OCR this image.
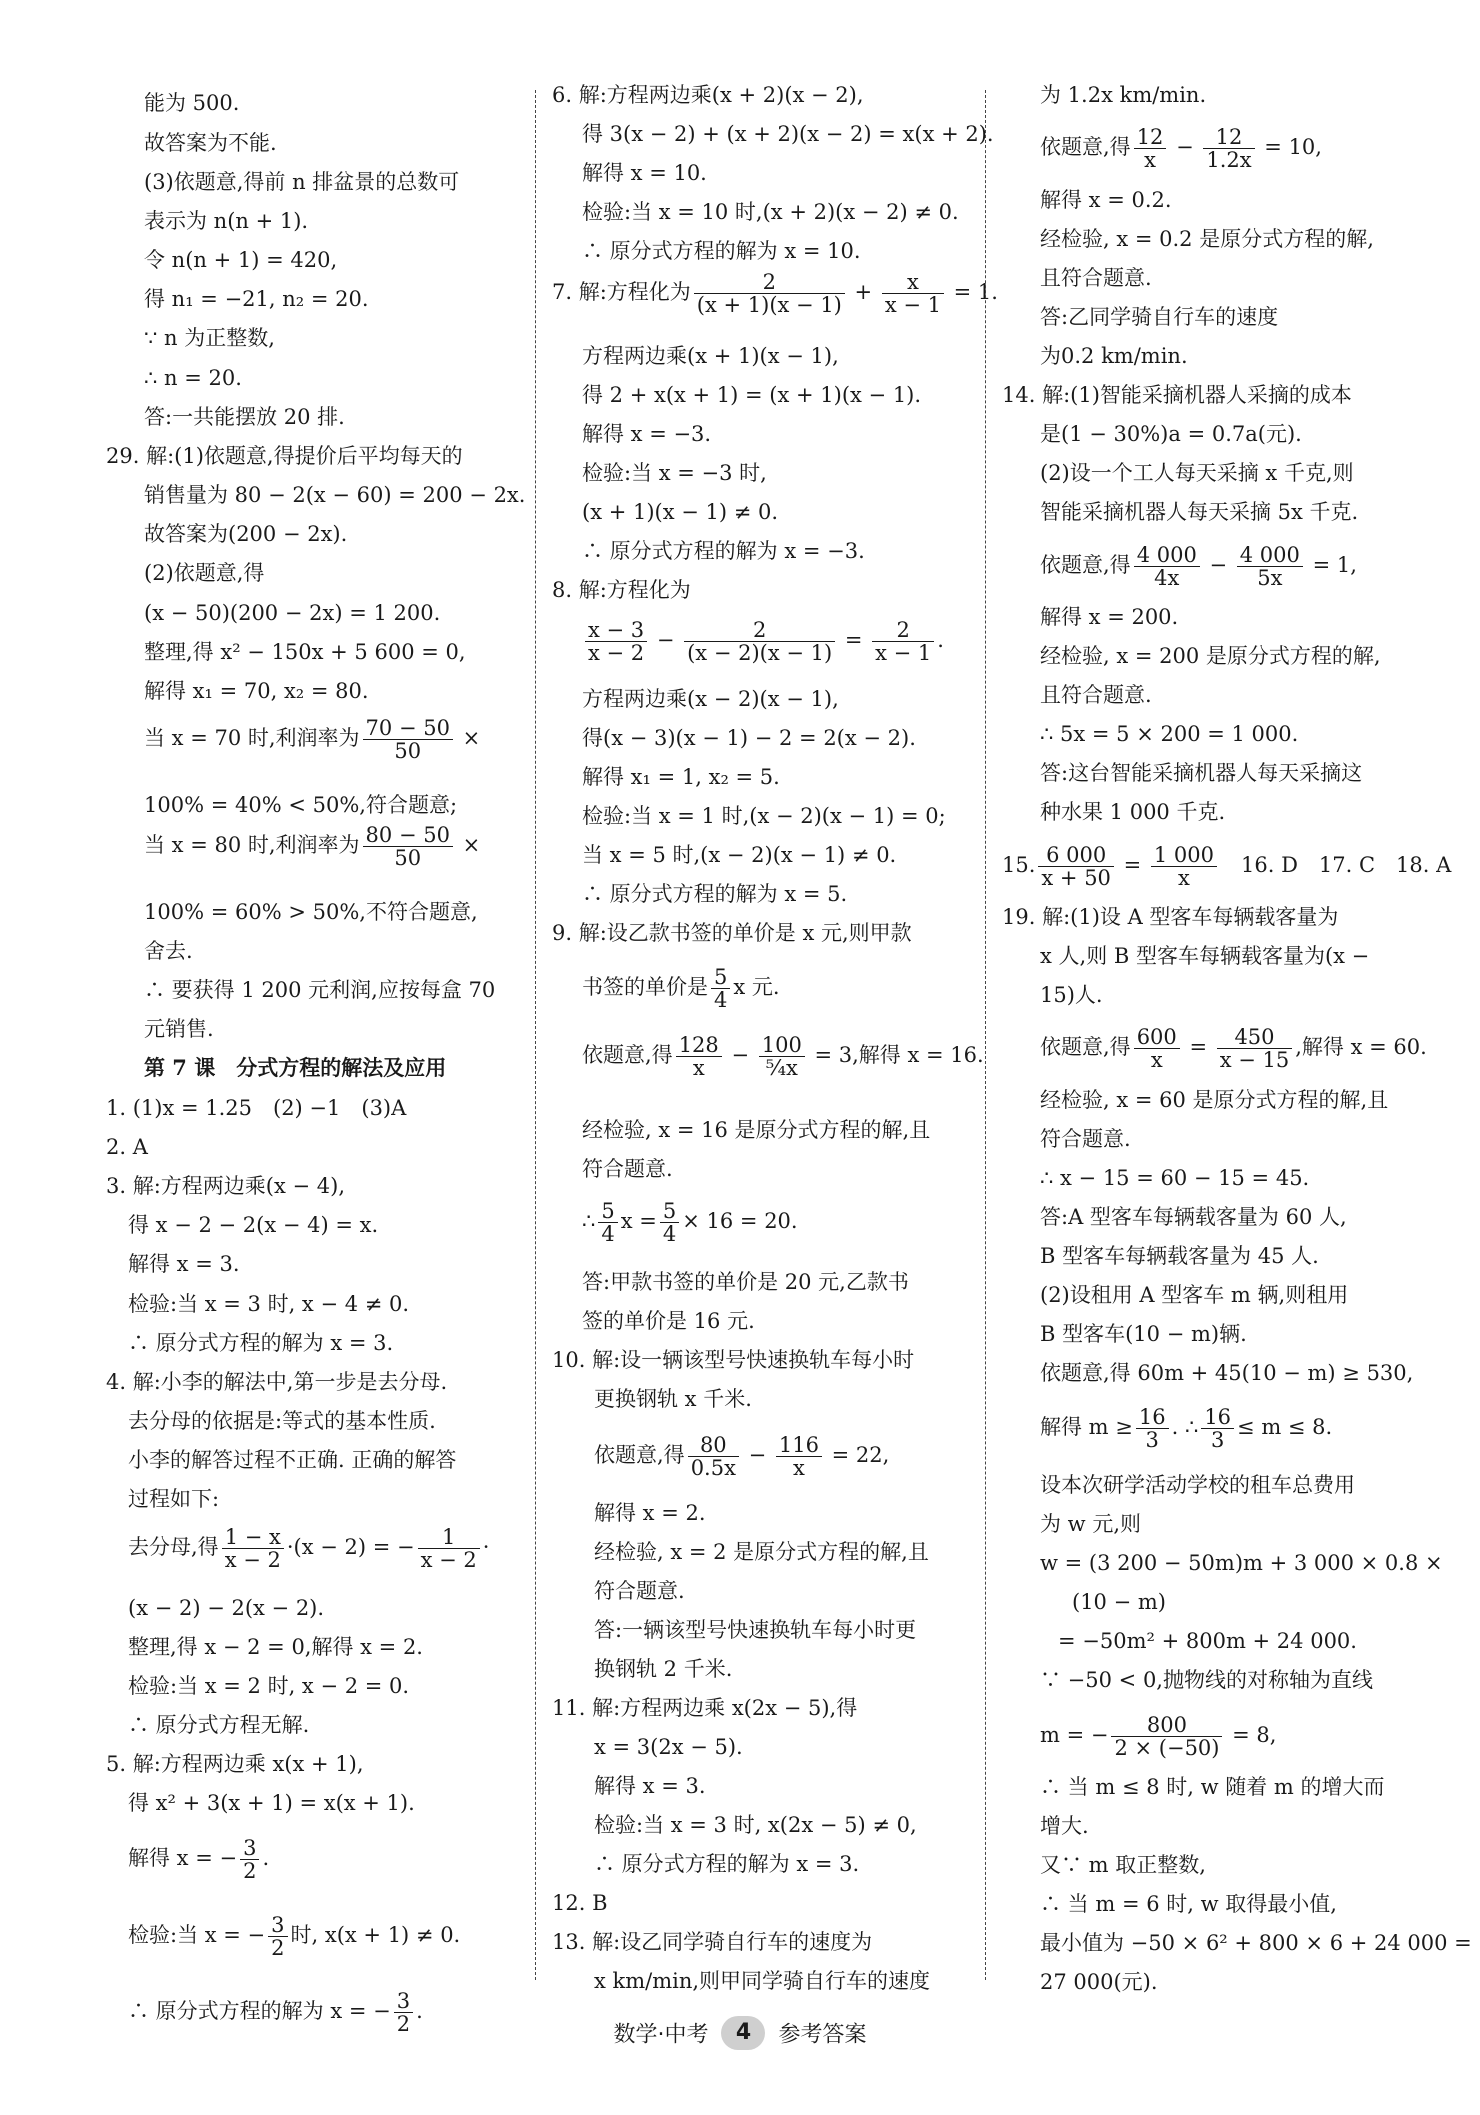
能为 500.
故答案为不能.
(3)依题意,得前 n 排盆景的总数可
表示为 n(n + 1).
令 n(n + 1) = 420,
得 n₁ = −21, n₂ = 20.
∵ n 为正整数,
∴ n = 20.
答:一共能摆放 20 排.
29. 解:(1)依题意,得提价后平均每天的
销售量为 80 − 2(x − 60) = 200 − 2x.
故答案为(200 − 2x).
(2)依题意,得
(x − 50)(200 − 2x) = 1 200.
整理,得 x² − 150x + 5 600 = 0,
解得 x₁ = 70, x₂ = 80.
当 x = 70 时,利润率为 $\frac{70 - 50}{50}$ ×
100% = 40% < 50%,符合题意;
当 x = 80 时,利润率为 $\frac{80 - 50}{50}$ ×
100% = 60% > 50%,不符合题意,
舍去.
∴ 要获得 1 200 元利润,应按每盒 70
元销售.
第 7 课　分式方程的解法及应用
1. (1)x = 1.25　(2) −1　(3)A
2. A
3. 解:方程两边乘(x − 4),
得 x − 2 − 2(x − 4) = x.
解得 x = 3.
检验:当 x = 3 时, x − 4 ≠ 0.
∴ 原分式方程的解为 x = 3.
4. 解:小李的解法中,第一步是去分母.
去分母的依据是:等式的基本性质.
小李的解答过程不正确. 正确的解答
过程如下:
去分母,得 $\frac{1 - x}{x - 2} \cdot(x - 2)$ = − $\frac{1}{x - 2}$ ·
(x − 2) − 2(x − 2).
整理,得 x − 2 = 0,解得 x = 2.
检验:当 x = 2 时, x − 2 = 0.
∴ 原分式方程无解.
5. 解:方程两边乘 x(x + 1),
得 x² + 3(x + 1) = x(x + 1).
解得 x = − $\frac{3}{2}$ .
检验:当 x = − $\frac{3}{2}$ 时, x(x + 1) ≠ 0.
∴ 原分式方程的解为 x = − $\frac{3}{2}$ .
6. 解:方程两边乘(x + 2)(x − 2),
得 3(x − 2) + (x + 2)(x − 2) = x(x + 2).
解得 x = 10.
检验:当 x = 10 时,(x + 2)(x − 2) ≠ 0.
∴ 原分式方程的解为 x = 10.
7. 解:方程化为 $\frac{2}{(x + 1)(x - 1)} + \frac{x}{x - 1} = 1$.
方程两边乘(x + 1)(x − 1),
得 2 + x(x + 1) = (x + 1)(x − 1).
解得 x = −3.
检验:当 x = −3 时,
(x + 1)(x − 1) ≠ 0.
∴ 原分式方程的解为 x = −3.
8. 解:方程化为
$\frac{x - 3}{x - 2} - \frac{2}{(x - 2)(x - 1)} = \frac{2}{x - 1}$ .
方程两边乘(x − 2)(x − 1),
得(x − 3)(x − 1) − 2 = 2(x − 2).
解得 x₁ = 1, x₂ = 5.
检验:当 x = 1 时,(x − 2)(x − 1) = 0;
当 x = 5 时,(x − 2)(x − 1) ≠ 0.
∴ 原分式方程的解为 x = 5.
9. 解:设乙款书签的单价是 x 元,则甲款
书签的单价是 $\frac{5}{4}$ x 元.
依题意,得 $\frac{128}{x} - \frac{100}{\text{⁵⁄₄x}} = 3$,解得 x = 16.
经检验, x = 16 是原分式方程的解,且
符合题意.
∴ $\frac{5}{4}$ $x = \frac{5}{4} \times 16 = 20$.
答:甲款书签的单价是 20 元,乙款书
签的单价是 16 元.
10. 解:设一辆该型号快速换轨车每小时
更换钢轨 x 千米.
依题意,得 $\frac{80}{0.5x} - \frac{116}{x} = 22$,
解得 x = 2.
经检验, x = 2 是原分式方程的解,且
符合题意.
答:一辆该型号快速换轨车每小时更
换钢轨 2 千米.
11. 解:方程两边乘 x(2x − 5),得
x = 3(2x − 5).
解得 x = 3.
检验:当 x = 3 时, x(2x − 5) ≠ 0,
∴ 原分式方程的解为 x = 3.
12. B
13. 解:设乙同学骑自行车的速度为
x km/min,则甲同学骑自行车的速度
为 1.2x km/min.
依题意,得 $\frac{12}{x} - \frac{12}{1.2x} = 10$,
解得 x = 0.2.
经检验, x = 0.2 是原分式方程的解,
且符合题意.
答:乙同学骑自行车的速度
为0.2 km/min.
14. 解:(1)智能采摘机器人采摘的成本
是(1 − 30%)a = 0.7a(元).
(2)设一个工人每天采摘 x 千克,则
智能采摘机器人每天采摘 5x 千克.
依题意,得 $\frac{4 000}{4x} - \frac{4 000}{5x} = 1$,
解得 x = 200.
经检验, x = 200 是原分式方程的解,
且符合题意.
∴ 5x = 5 × 200 = 1 000.
答:这台智能采摘机器人每天采摘这
种水果 1 000 千克.
15. $\frac{6 000}{x + 50} = \frac{1 000}{x}$ 　16. D　17. C　18. A
19. 解:(1)设 A 型客车每辆载客量为
x 人,则 B 型客车每辆载客量为(x −
15)人.
依题意,得 $\frac{600}{x} = \frac{450}{x - 15}$ ,解得 x = 60.
经检验, x = 60 是原分式方程的解,且
符合题意.
∴ x − 15 = 60 − 15 = 45.
答:A 型客车每辆载客量为 60 人,
B 型客车每辆载客量为 45 人.
(2)设租用 A 型客车 m 辆,则租用
B 型客车(10 − m)辆.
依题意,得 60m + 45(10 − m) ≥ 530,
解得 $m \ge \frac{16}{3}$ . ∴ $\frac{16}{3} \le m \le 8$.
设本次研学活动学校的租车总费用
为 w 元,则
w = (3 200 − 50m)m + 3 000 × 0.8 ×
(10 − m)
= −50m² + 800m + 24 000.
∵ −50 < 0,抛物线的对称轴为直线
m = − $\frac{800}{2 \times (-50)} = 8$,
∴ 当 m ≤ 8 时, w 随着 m 的增大而
增大.
又∵ m 取正整数,
∴ 当 m = 6 时, w 取得最小值,
最小值为 −50 × 6² + 800 × 6 + 24 000 =
27 000(元).
数学·中考 4 参考答案
